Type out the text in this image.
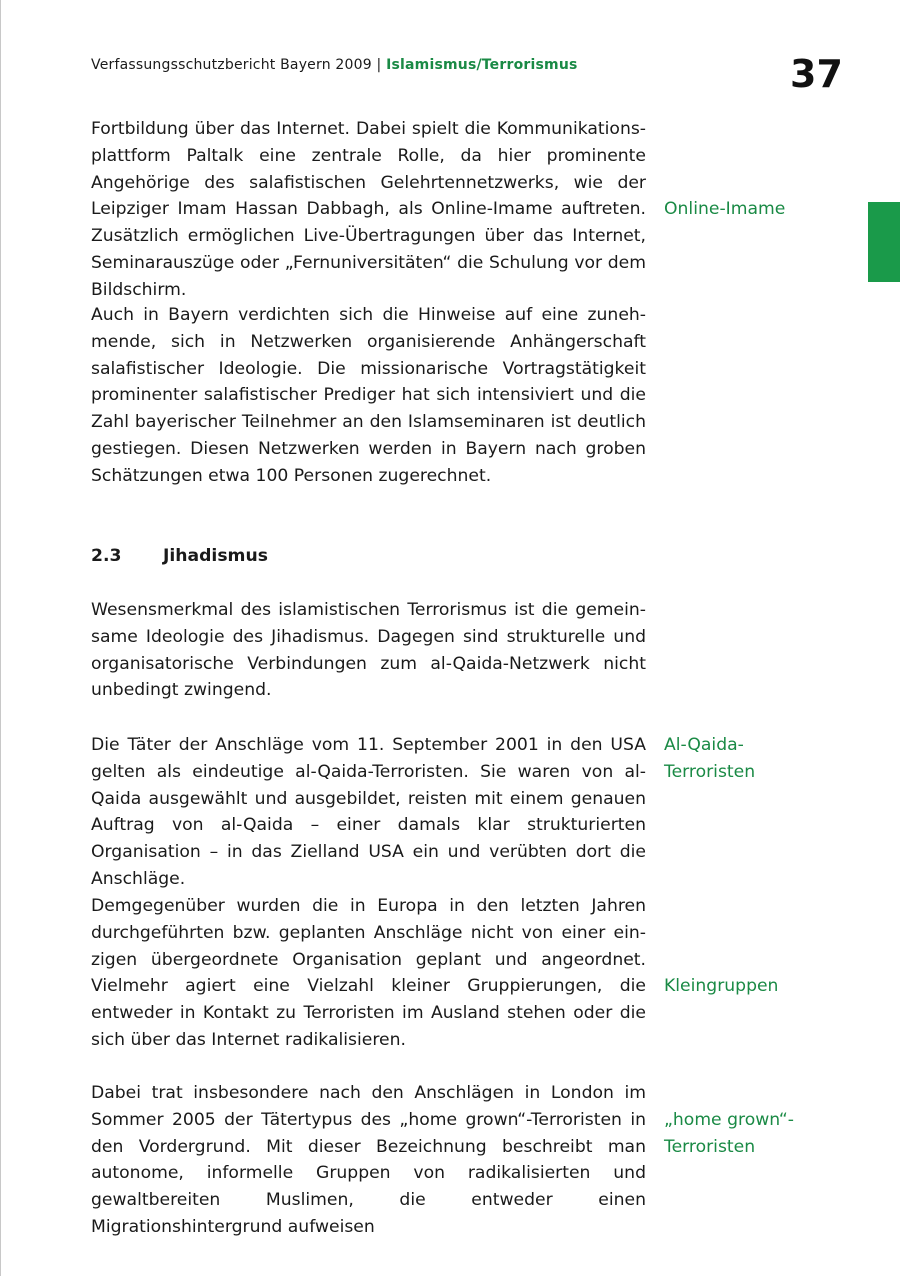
Verfassungsschutzbericht Bayern 2009 | Islamismus/Terrorismus	37

Fortbildung über das Internet. Dabei spielt die Kommunikationsplattform Paltalk eine zentrale Rolle, da hier prominente Angehörige des salafistischen Gelehrtennetzwerks, wie der Leipziger Imam Hassan Dabbagh, als Online-Imame auftreten. Zusätzlich ermöglichen Live-Übertragungen über das Internet, Seminarauszüge oder „Fernuniversitäten“ die Schulung vor dem Bildschirm.

Auch in Bayern verdichten sich die Hinweise auf eine zunehmende, sich in Netzwerken organisierende Anhängerschaft salafistischer Ideologie. Die missionarische Vortragstätigkeit prominenter salafistischer Prediger hat sich intensiviert und die Zahl bayerischer Teilnehmer an den Islamseminaren ist deutlich gestiegen. Diesen Netzwerken werden in Bayern nach groben Schätzungen etwa 100 Personen zugerechnet.

2.3 Jihadismus

Wesensmerkmal des islamistischen Terrorismus ist die gemeinsame Ideologie des Jihadismus. Dagegen sind strukturelle und organisatorische Verbindungen zum al-Qaida-Netzwerk nicht unbedingt zwingend.

Die Täter der Anschläge vom 11. September 2001 in den USA gelten als eindeutige al-Qaida-Terroristen. Sie waren von al-Qaida ausgewählt und ausgebildet, reisten mit einem genauen Auftrag von al-Qaida – einer damals klar strukturierten Organisation – in das Zielland USA ein und verübten dort die Anschläge.

Demgegenüber wurden die in Europa in den letzten Jahren durchgeführten bzw. geplanten Anschläge nicht von einer einzigen übergeordnete Organisation geplant und angeordnet. Vielmehr agiert eine Vielzahl kleiner Gruppierungen, die entweder in Kontakt zu Terroristen im Ausland stehen oder die sich über das Internet radikalisieren.

Dabei trat insbesondere nach den Anschlägen in London im Sommer 2005 der Tätertypus des „home grown“-Terroristen in den Vordergrund. Mit dieser Bezeichnung beschreibt man autonome, informelle Gruppen von radikalisierten und gewaltbereiten Muslimen, die entweder einen Migrationshintergrund aufweisen

Online-Imame
Al-Qaida-
Terroristen
Kleingruppen
„home grown“-
Terroristen
